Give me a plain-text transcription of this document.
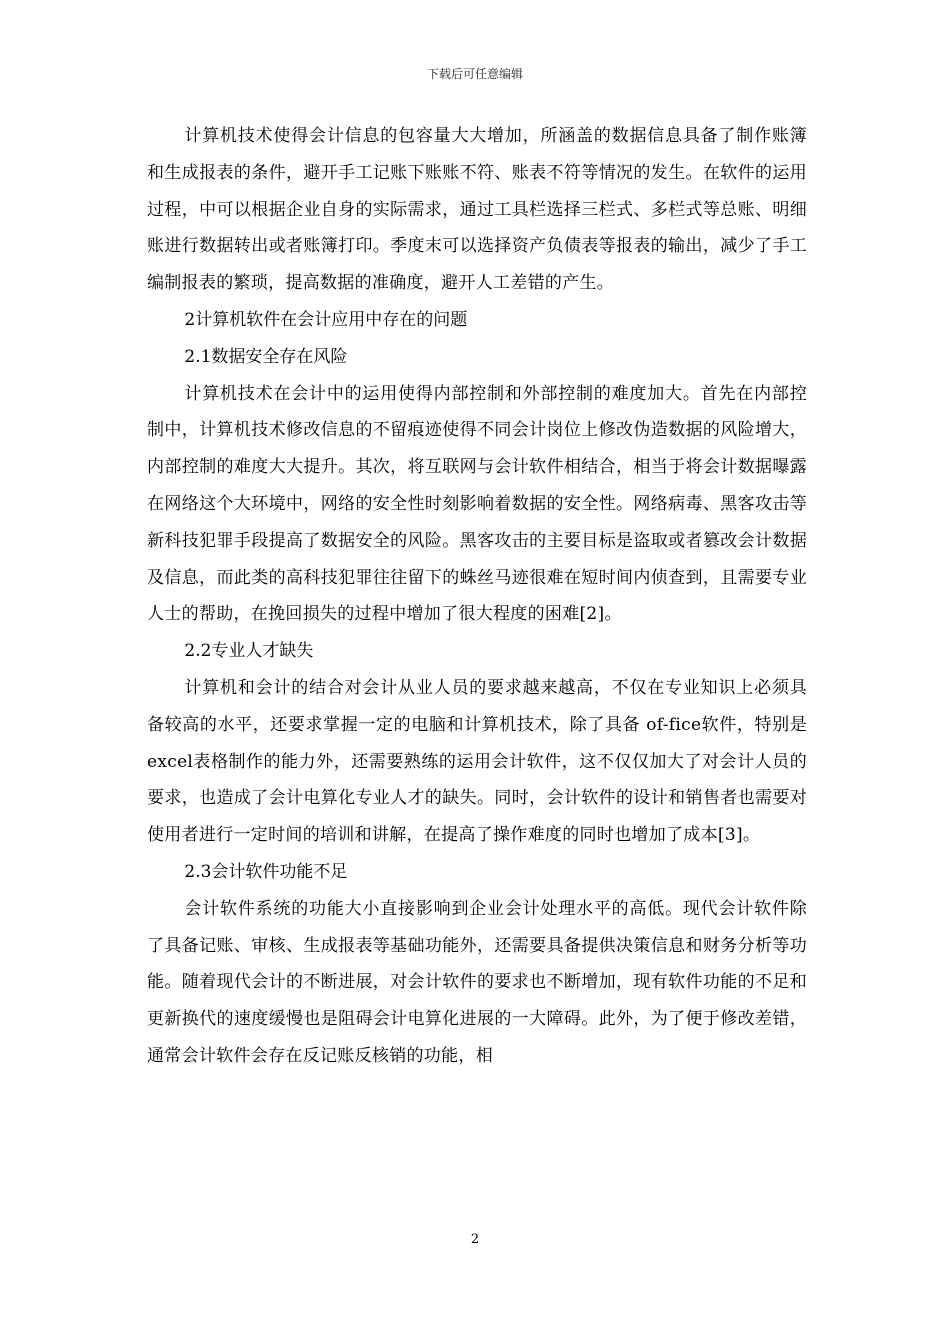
下载后可任意编辑

计算机技术使得会计信息的包容量大大增加，所涵盖的数据信息具备了制作账簿和生成报表的条件，避开手工记账下账账不符、账表不符等情况的发生。在软件的运用过程，中可以根据企业自身的实际需求，通过工具栏选择三栏式、多栏式等总账、明细账进行数据转出或者账簿打印。季度末可以选择资产负债表等报表的输出，减少了手工编制报表的繁琐，提高数据的准确度，避开人工差错的产生。

2计算机软件在会计应用中存在的问题

2.1数据安全存在风险

计算机技术在会计中的运用使得内部控制和外部控制的难度加大。首先在内部控制中，计算机技术修改信息的不留痕迹使得不同会计岗位上修改伪造数据的风险增大，内部控制的难度大大提升。其次，将互联网与会计软件相结合，相当于将会计数据曝露在网络这个大环境中，网络的安全性时刻影响着数据的安全性。网络病毒、黑客攻击等新科技犯罪手段提高了数据安全的风险。黑客攻击的主要目标是盗取或者篡改会计数据及信息，而此类的高科技犯罪往往留下的蛛丝马迹很难在短时间内侦查到，且需要专业人士的帮助，在挽回损失的过程中增加了很大程度的困难[2]。

2.2专业人才缺失

计算机和会计的结合对会计从业人员的要求越来越高，不仅在专业知识上必须具备较高的水平，还要求掌握一定的电脑和计算机技术，除了具备 of-fice软件，特别是excel表格制作的能力外，还需要熟练的运用会计软件，这不仅仅加大了对会计人员的要求，也造成了会计电算化专业人才的缺失。同时，会计软件的设计和销售者也需要对使用者进行一定时间的培训和讲解，在提高了操作难度的同时也增加了成本[3]。

2.3会计软件功能不足

会计软件系统的功能大小直接影响到企业会计处理水平的高低。现代会计软件除了具备记账、审核、生成报表等基础功能外，还需要具备提供决策信息和财务分析等功能。随着现代会计的不断进展，对会计软件的要求也不断增加，现有软件功能的不足和更新换代的速度缓慢也是阻碍会计电算化进展的一大障碍。此外，为了便于修改差错，通常会计软件会存在反记账反核销的功能，相

2
